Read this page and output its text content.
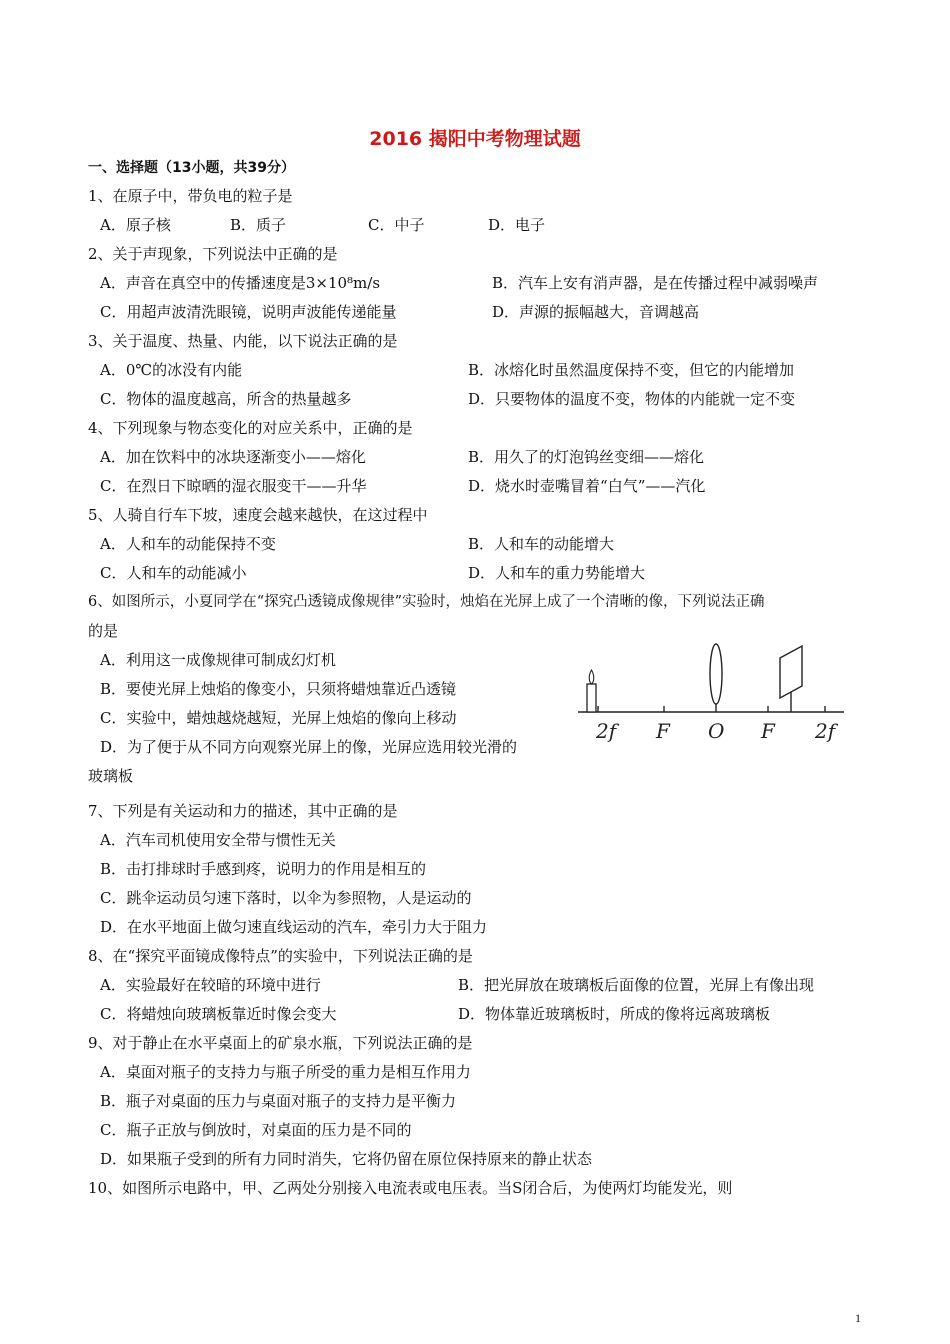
2016 揭阳中考物理试题
一、选择题（13小题，共39分）
1、在原子中，带负电的粒子是
A．原子核	B．质子	C．中子	D．电子
2、关于声现象，下列说法中正确的是
A．声音在真空中的传播速度是3×10⁸m/s	B．汽车上安有消声器，是在传播过程中减弱噪声
C．用超声波清洗眼镜，说明声波能传递能量	D．声源的振幅越大，音调越高
3、关于温度、热量、内能，以下说法正确的是
A．0℃的冰没有内能	B．冰熔化时虽然温度保持不变，但它的内能增加
C．物体的温度越高，所含的热量越多	D．只要物体的温度不变，物体的内能就一定不变
4、下列现象与物态变化的对应关系中，正确的是
A．加在饮料中的冰块逐渐变小——熔化	B．用久了的灯泡钨丝变细——熔化
C．在烈日下晾晒的湿衣服变干——升华	D．烧水时壶嘴冒着“白气”——汽化
5、人骑自行车下坡，速度会越来越快，在这过程中
A．人和车的动能保持不变	B．人和车的动能增大
C．人和车的动能减小	D．人和车的重力势能增大
6、如图所示，小夏同学在“探究凸透镜成像规律”实验时，烛焰在光屏上成了一个清晰的像，下列说法正确
的是
A．利用这一成像规律可制成幻灯机
B．要使光屏上烛焰的像变小，只须将蜡烛靠近凸透镜
C．实验中，蜡烛越烧越短，光屏上烛焰的像向上移动
D．为了便于从不同方向观察光屏上的像，光屏应选用较光滑的
玻璃板
2f F O F 2f
7、下列是有关运动和力的描述，其中正确的是
A．汽车司机使用安全带与惯性无关
B．击打排球时手感到疼，说明力的作用是相互的
C．跳伞运动员匀速下落时，以伞为参照物，人是运动的
D．在水平地面上做匀速直线运动的汽车，牵引力大于阻力
8、在“探究平面镜成像特点”的实验中，下列说法正确的是
A．实验最好在较暗的环境中进行	B．把光屏放在玻璃板后面像的位置，光屏上有像出现
C．将蜡烛向玻璃板靠近时像会变大	D．物体靠近玻璃板时，所成的像将远离玻璃板
9、对于静止在水平桌面上的矿泉水瓶，下列说法正确的是
A．桌面对瓶子的支持力与瓶子所受的重力是相互作用力
B．瓶子对桌面的压力与桌面对瓶子的支持力是平衡力
C．瓶子正放与倒放时，对桌面的压力是不同的
D．如果瓶子受到的所有力同时消失，它将仍留在原位保持原来的静止状态
10、如图所示电路中，甲、乙两处分别接入电流表或电压表。当S闭合后，为使两灯均能发光，则
1
